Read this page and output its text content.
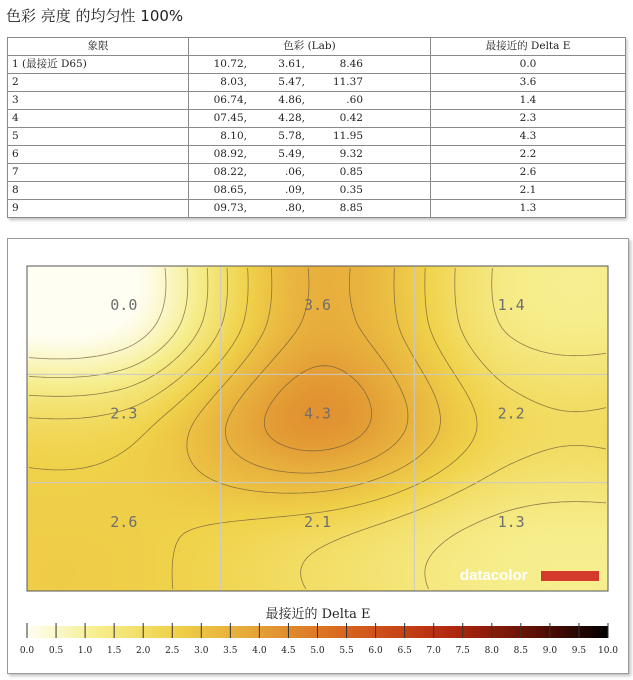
色彩 亮度 的均匀性 100%
象限	色彩 (Lab)	最接近的 Delta E
1 (最接近 D65)	10.72, 3.61, 8.46	0.0
2	8.03, 5.47, 11.37	3.6
3	06.74, 4.86, .60	1.4
4	07.45, 4.28, 0.42	2.3
5	8.10, 5.78, 11.95	4.3
6	08.92, 5.49, 9.32	2.2
7	08.22, .06, 0.85	2.6
8	08.65, .09, 0.35	2.1
9	09.73, .80, 8.85	1.3
0.0	3.6	1.4
2.3	4.3	2.2
2.6	2.1	1.3
datacolor
最接近的 Delta E
0.0 0.5 1.0 1.5 2.0 2.5 3.0 3.5 4.0 4.5 5.0 5.5 6.0 6.5 7.0 7.5 8.0 8.5 9.0 9.5 10.0
